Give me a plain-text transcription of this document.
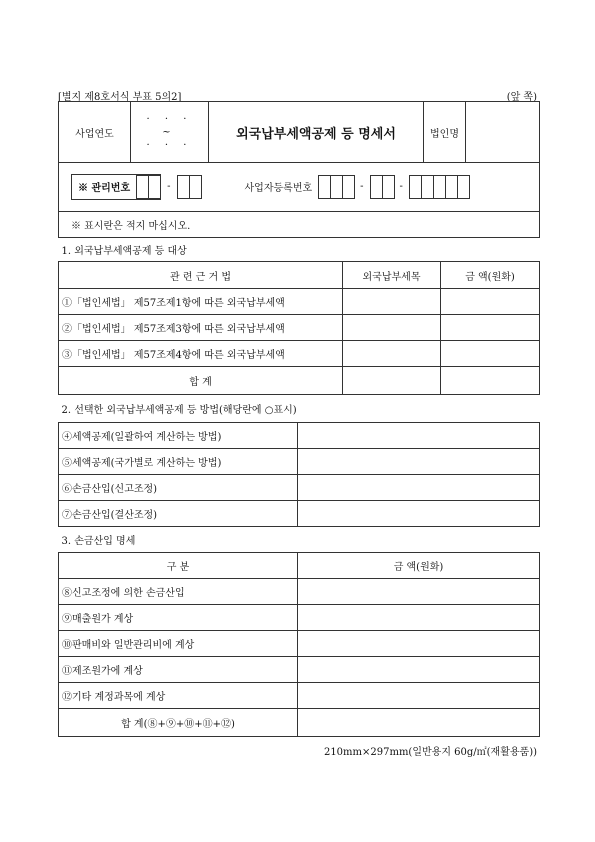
[별지 제8호서식 부표 5의2]	(앞 쪽)
사업연도	
· · ·
~
· · ·
	외국납부세액공제 등 명세서	법인명	
※ 관리번호	-	사업자등록번호	-	-

※ 표시란은 적지 마십시오.
1. 외국납부세액공제 등 대상		
관 련 근 거 법	외국납부세목	금 액(원화)
①「법인세법」 제57조제1항에 따른 외국납부세액		
②「법인세법」 제57조제3항에 따른 외국납부세액		
③「법인세법」 제57조제4항에 따른 외국납부세액		
합 계		
2. 선택한 외국납부세액공제 등 방법(해당란에 ○표시)	
④세액공제(일괄하여 계산하는 방법)	
⑤세액공제(국가별로 계산하는 방법)	
⑥손금산입(신고조정)	
⑦손금산입(결산조정)	
3. 손금산입 명세	
구 분	금 액(원화)
⑧신고조정에 의한 손금산입	
⑨매출원가 계상	
⑩판매비와 일반관리비에 계상	
⑪제조원가에 계상	
⑫기타 계정과목에 계상	
합 계(⑧+⑨+⑩+⑪+⑫)	
210mm×297mm(일반용지 60g/㎡(재활용품))
